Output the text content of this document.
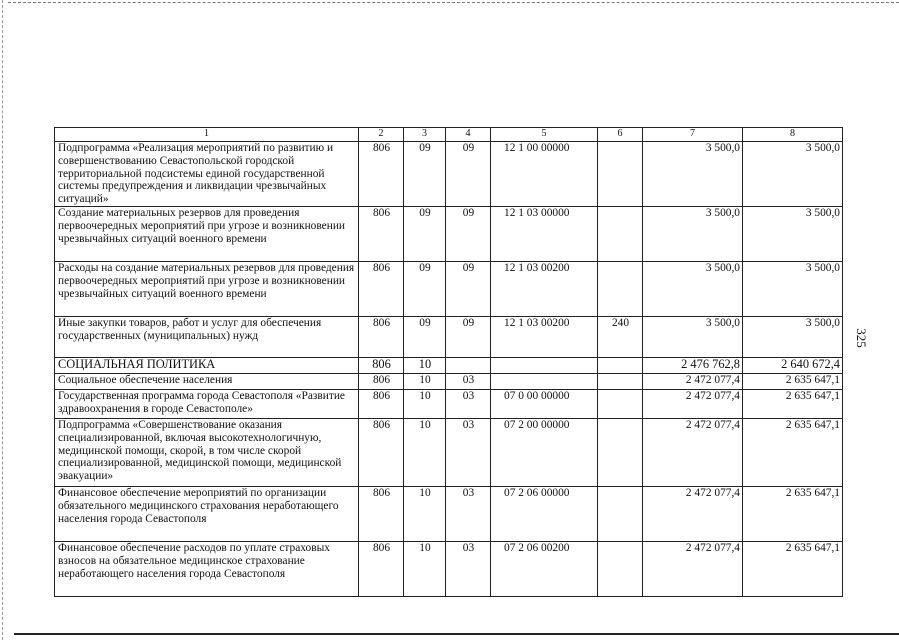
325
1	2	3	4	5	6	7	8
Подпрограмма «Реализация мероприятий по развитию и совершенствованию Севастопольской городской территориальной подсистемы единой государственной системы предупреждения и ликвидации чрезвычайных ситуаций»	806	09	09	12 1 00 00000		3 500,0	3 500,0
Создание материальных резервов для проведения первоочередных мероприятий при угрозе и возникновении чрезвычайных ситуаций военного времени	806	09	09	12 1 03 00000		3 500,0	3 500,0
Расходы на создание материальных резервов для проведения первоочередных мероприятий при угрозе и возникновении чрезвычайных ситуаций военного времени	806	09	09	12 1 03 00200		3 500,0	3 500,0
Иные закупки товаров, работ и услуг для обеспечения государственных (муниципальных) нужд	806	09	09	12 1 03 00200	240	3 500,0	3 500,0
СОЦИАЛЬНАЯ ПОЛИТИКА	806	10				2 476 762,8	2 640 672,4
Социальное обеспечение населения	806	10	03			2 472 077,4	2 635 647,1
Государственная программа города Севастополя «Развитие здравоохранения в городе Севастополе»	806	10	03	07 0 00 00000		2 472 077,4	2 635 647,1
Подпрограмма «Совершенствование оказания специализированной, включая высокотехнологичную, медицинской помощи, скорой, в том числе скорой специализированной, медицинской помощи, медицинской эвакуации»	806	10	03	07 2 00 00000		2 472 077,4	2 635 647,1
Финансовое обеспечение мероприятий по организации обязательного медицинского страхования неработающего населения города Севастополя	806	10	03	07 2 06 00000		2 472 077,4	2 635 647,1
Финансовое обеспечение расходов по уплате страховых взносов на обязательное медицинское страхование неработающего населения города Севастополя	806	10	03	07 2 06 00200		2 472 077,4	2 635 647,1
